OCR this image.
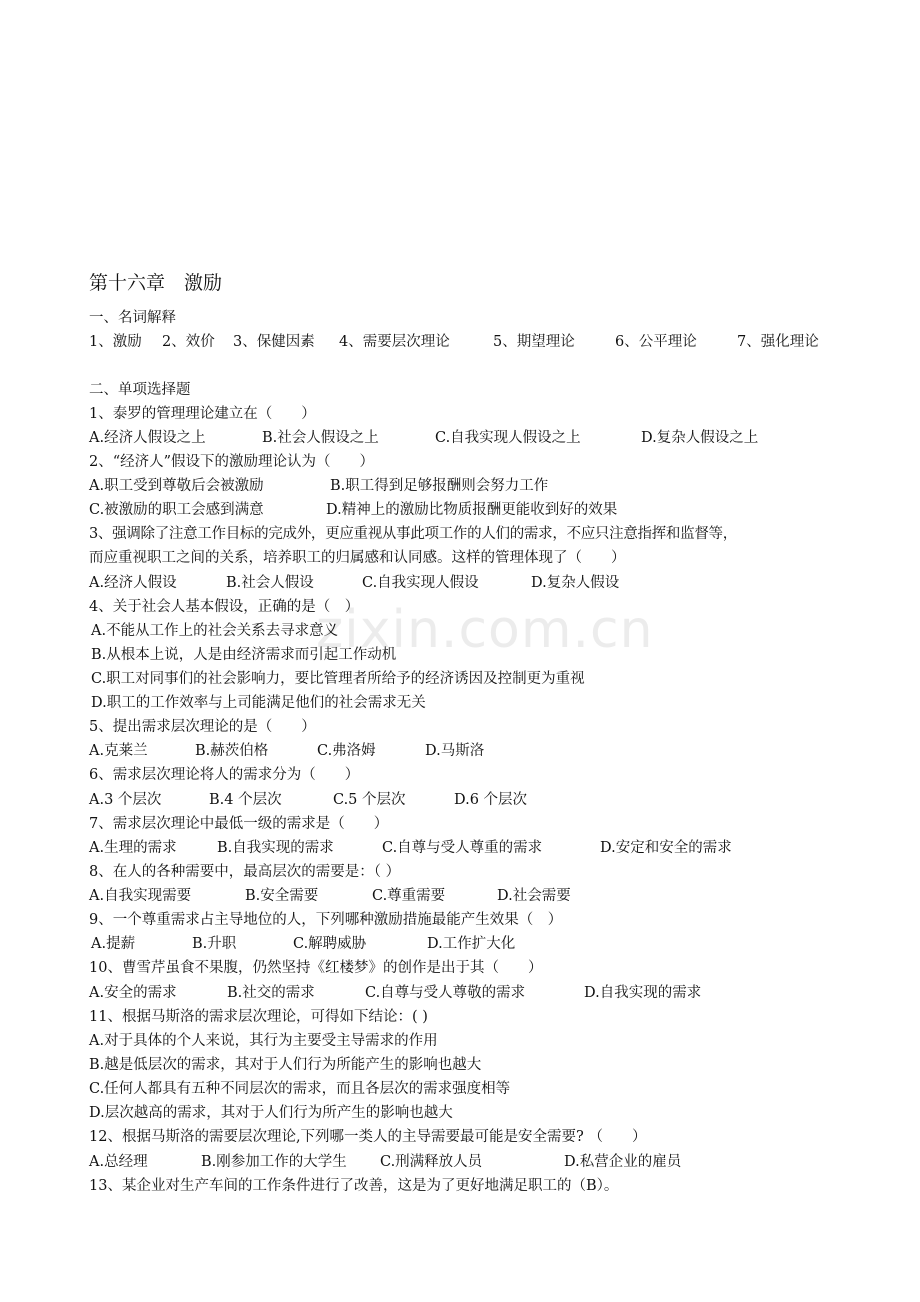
zixin.com.cn
第十六章　激励
一、名词解释
1、激励 2、效价 3、保健因素 4、需要层次理论	5、期望理论	6、公平理论	7、强化理论
二、单项选择题
1、泰罗的管理理论建立在（　　）
A.经济人假设之上	B.社会人假设之上	C.自我实现人假设之上	D.复杂人假设之上
2、“经济人”假设下的激励理论认为（　　）
A.职工受到尊敬后会被激励	B.职工得到足够报酬则会努力工作
C.被激励的职工会感到满意	D.精神上的激励比物质报酬更能收到好的效果
3、强调除了注意工作目标的完成外，更应重视从事此项工作的人们的需求，不应只注意指挥和监督等，
而应重视职工之间的关系，培养职工的归属感和认同感。这样的管理体现了（　　）
A.经济人假设	B.社会人假设	C.自我实现人假设	D.复杂人假设
4、关于社会人基本假设，正确的是（　）
A.不能从工作上的社会关系去寻求意义
B.从根本上说，人是由经济需求而引起工作动机
C.职工对同事们的社会影响力，要比管理者所给予的经济诱因及控制更为重视
D.职工的工作效率与上司能满足他们的社会需求无关
5、提出需求层次理论的是（　　）
A.克莱兰	B.赫茨伯格	C.弗洛姆	D.马斯洛
6、需求层次理论将人的需求分为（　　）
A.3 个层次	B.4 个层次	C.5 个层次	D.6 个层次
7、需求层次理论中最低一级的需求是（　　）
A.生理的需求	B.自我实现的需求	C.自尊与受人尊重的需求	D.安定和安全的需求
8、在人的各种需要中，最高层次的需要是：（ ）
A.自我实现需要	B.安全需要	C.尊重需要	D.社会需要
9、一个尊重需求占主导地位的人，下列哪种激励措施最能产生效果（　）
A.提薪	B.升职	C.解聘威胁	D.工作扩大化
10、曹雪芹虽食不果腹，仍然坚持《红楼梦》的创作是出于其（　　）
A.安全的需求	B.社交的需求	C.自尊与受人尊敬的需求	D.自我实现的需求
11、根据马斯洛的需求层次理论，可得如下结论：( )
A.对于具体的个人来说，其行为主要受主导需求的作用
B.越是低层次的需求，其对于人们行为所能产生的影响也越大
C.任何人都具有五种不同层次的需求，而且各层次的需求强度相等
D.层次越高的需求，其对于人们行为所产生的影响也越大
12、根据马斯洛的需要层次理论,下列哪一类人的主导需要最可能是安全需要? （　　）
A.总经理	B.刚参加工作的大学生 C.刑满释放人员	D.私营企业的雇员
13、某企业对生产车间的工作条件进行了改善，这是为了更好地满足职工的（B）。
